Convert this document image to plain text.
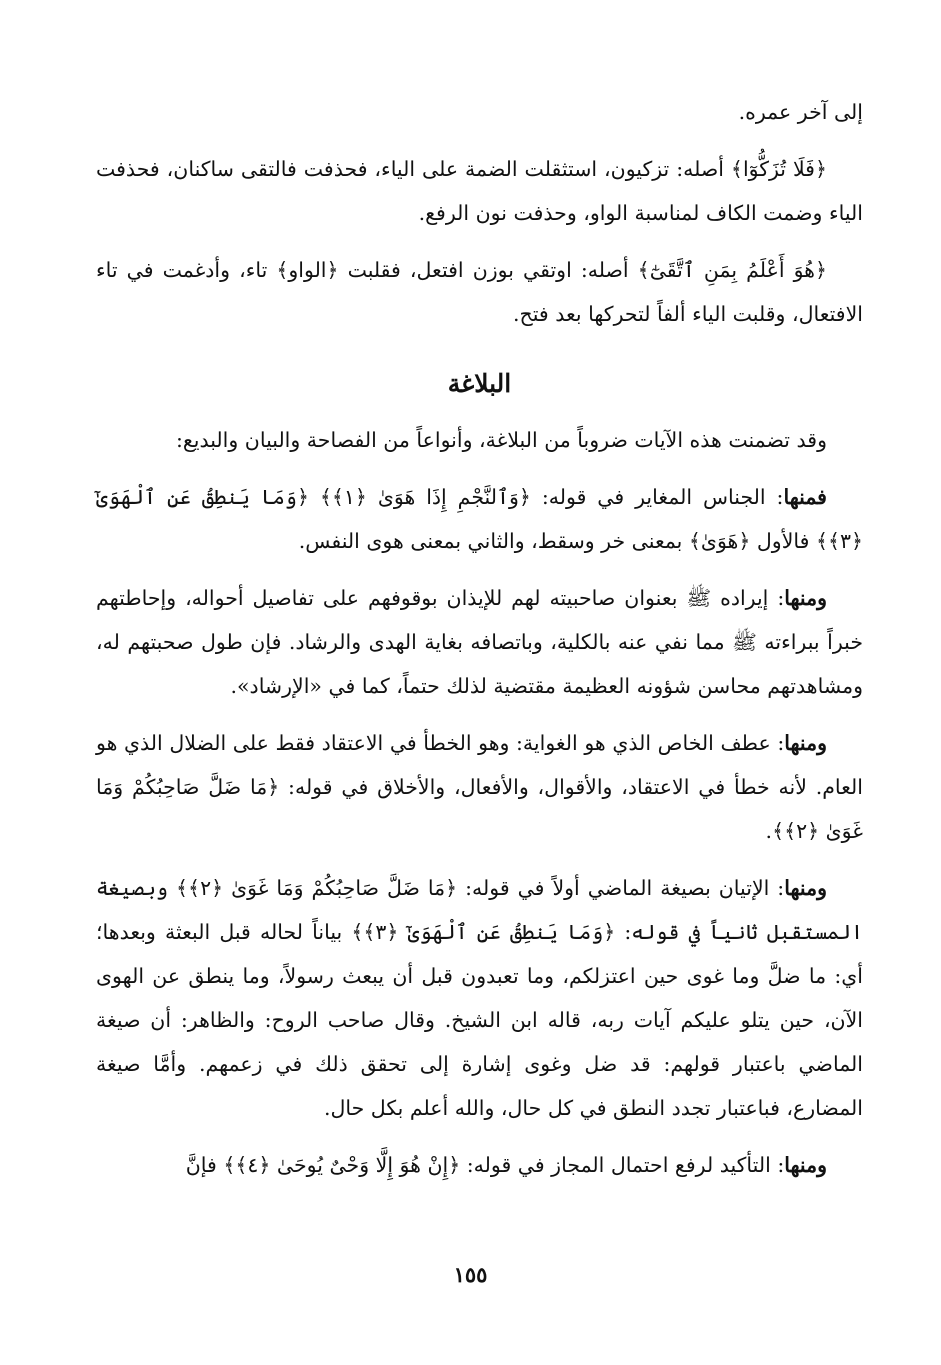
إلى آخر عمره.

﴿فَلَا تُزَكُّوٓا﴾ أصله: تزكيون، استثقلت الضمة على الياء، فحذفت فالتقى ساكنان، فحذفت الياء وضمت الكاف لمناسبة الواو، وحذفت نون الرفع.

﴿هُوَ أَعْلَمُ بِمَنِ ٱتَّقَىٰٓ﴾ أصله: اوتقي بوزن افتعل، فقلبت ﴿الواو﴾ تاء، وأدغمت في تاء الافتعال، وقلبت الياء ألفاً لتحركها بعد فتح.

البلاغة

وقد تضمنت هذه الآيات ضروباً من البلاغة، وأنواعاً من الفصاحة والبيان والبديع:

فمنها: الجناس المغاير في قوله: ﴿وَٱلنَّجْمِ إِذَا هَوَىٰ ﴿١﴾﴾ ﴿وَمَا يَنطِقُ عَنِ ٱلْهَوَىٰٓ ﴿٣﴾﴾ فالأول ﴿هَوَىٰ﴾ بمعنى خر وسقط، والثاني بمعنى هوى النفس.

ومنها: إيراده ﷺ بعنوان صاحبيته لهم للإيذان بوقوفهم على تفاصيل أحواله، وإحاطتهم خبراً ببراءته ﷺ مما نفي عنه بالكلية، وباتصافه بغاية الهدى والرشاد. فإن طول صحبتهم له، ومشاهدتهم محاسن شؤونه العظيمة مقتضية لذلك حتماً، كما في «الإرشاد».

ومنها: عطف الخاص الذي هو الغواية: وهو الخطأ في الاعتقاد فقط على الضلال الذي هو العام. لأنه خطأ في الاعتقاد، والأقوال، والأفعال، والأخلاق في قوله: ﴿مَا ضَلَّ صَاحِبُكُمْ وَمَا غَوَىٰ ﴿٢﴾﴾.

ومنها: الإتيان بصيغة الماضي أولاً في قوله: ﴿مَا ضَلَّ صَاحِبُكُمْ وَمَا غَوَىٰ ﴿٢﴾﴾ وبصيغة المستقبل ثانياً في قوله: ﴿وَمَا يَنطِقُ عَنِ ٱلْهَوَىٰٓ ﴿٣﴾﴾ بياناً لحاله قبل البعثة وبعدها؛ أي: ما ضلَّ وما غوى حين اعتزلكم، وما تعبدون قبل أن يبعث رسولاً، وما ينطق عن الهوى الآن، حين يتلو عليكم آيات ربه، قاله ابن الشيخ. وقال صاحب الروح: والظاهر: أن صيغة الماضي باعتبار قولهم: قد ضل وغوى إشارة إلى تحقق ذلك في زعمهم. وأمَّا صيغة المضارع، فباعتبار تجدد النطق في كل حال، والله أعلم بكل حال.

ومنها: التأكيد لرفع احتمال المجاز في قوله: ﴿إِنْ هُوَ إِلَّا وَحْىٌ يُوحَىٰ ﴿٤﴾﴾ فإنَّ

١٥٥
